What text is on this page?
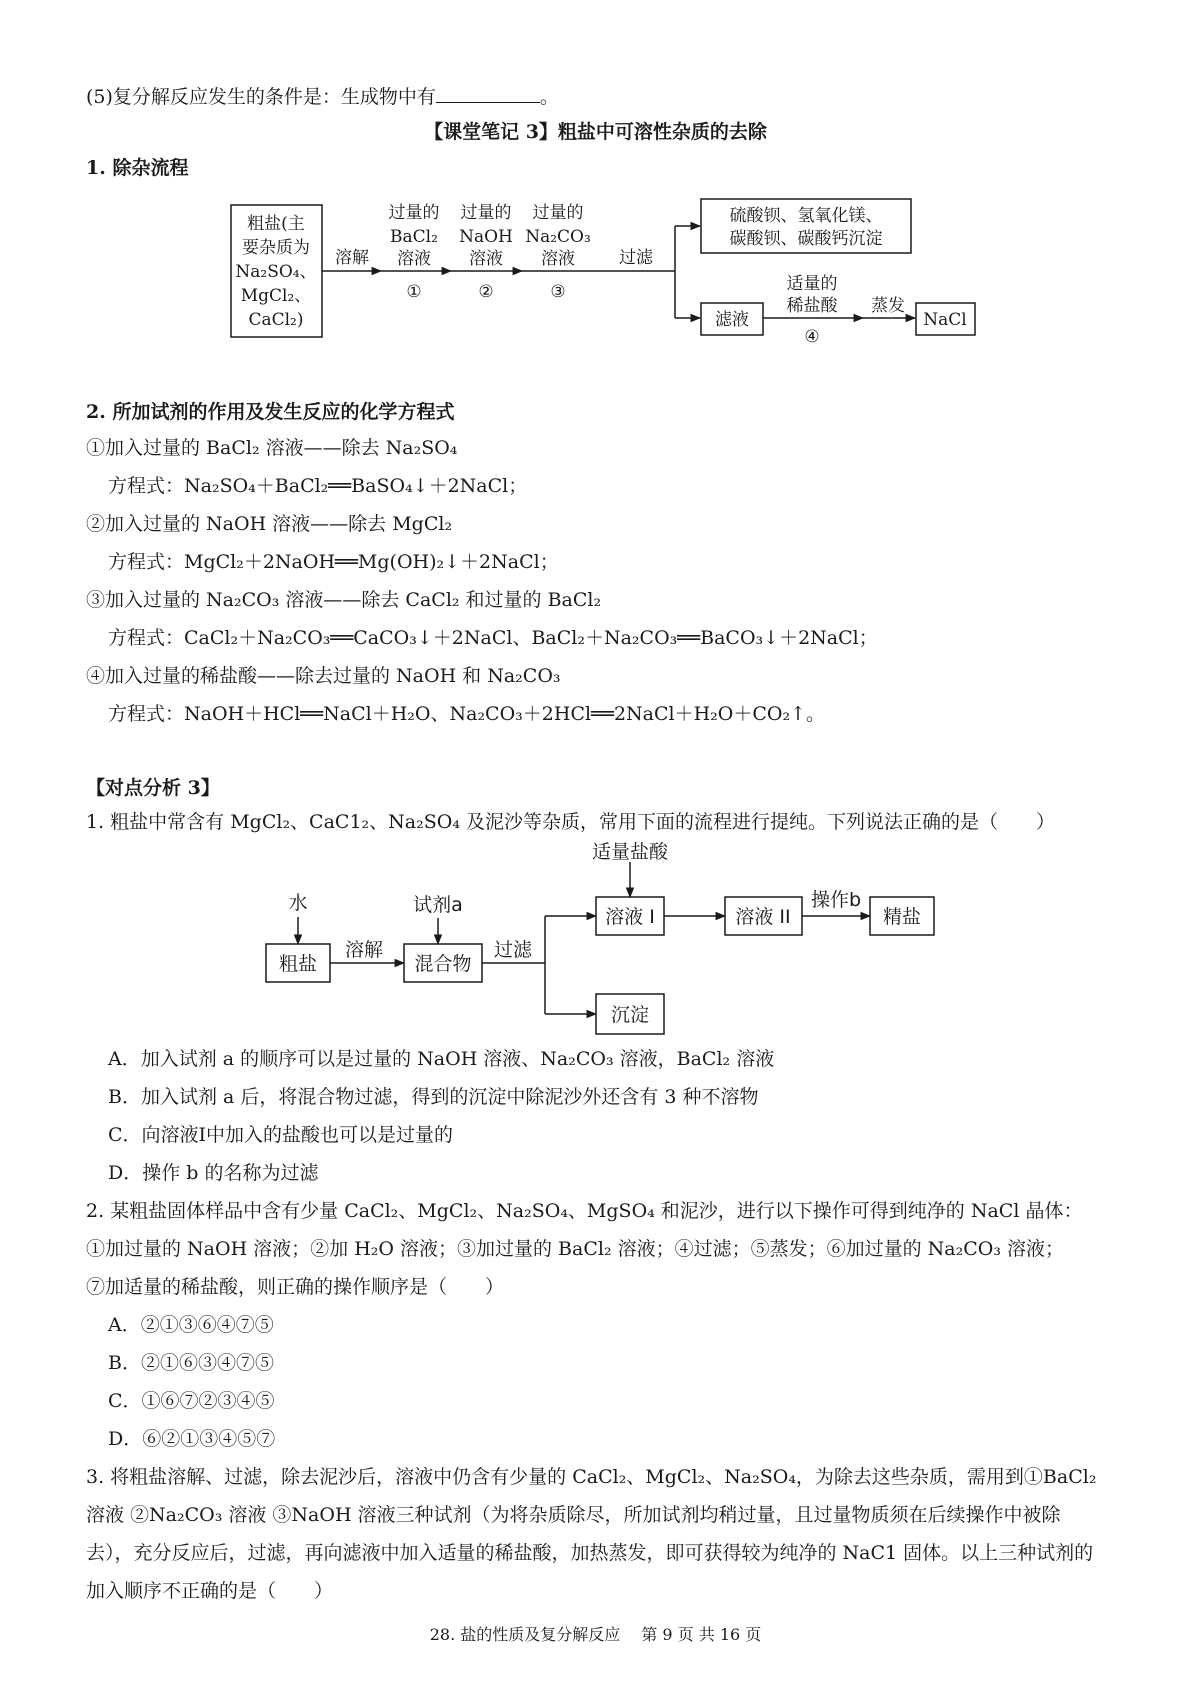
(5)复分解反应发生的条件是：生成物中有	。
【课堂笔记 3】粗盐中可溶性杂质的去除
1. 除杂流程
粗盐(主
要杂质为
Na₂SO₄、
MgCl₂、
CaCl₂)
溶解
过量的
BaCl₂
溶液
①
过量的
NaOH
溶液
②
过量的
Na₂CO₃
溶液
③
过滤
硫酸钡、氢氧化镁、
碳酸钡、碳酸钙沉淀
滤液
适量的
稀盐酸
④
蒸发
NaCl
2. 所加试剂的作用及发生反应的化学方程式
①加入过量的 BaCl₂ 溶液——除去 Na₂SO₄
方程式：Na₂SO₄＋BaCl₂══BaSO₄↓＋2NaCl；
②加入过量的 NaOH 溶液——除去 MgCl₂
方程式：MgCl₂＋2NaOH══Mg(OH)₂↓＋2NaCl；
③加入过量的 Na₂CO₃ 溶液——除去 CaCl₂ 和过量的 BaCl₂
方程式：CaCl₂＋Na₂CO₃══CaCO₃↓＋2NaCl、BaCl₂＋Na₂CO₃══BaCO₃↓＋2NaCl；
④加入过量的稀盐酸——除去过量的 NaOH 和 Na₂CO₃
方程式：NaOH＋HCl══NaCl＋H₂O、Na₂CO₃＋2HCl══2NaCl＋H₂O＋CO₂↑。
【对点分析 3】
1. 粗盐中常含有 MgCl₂、CaC1₂、Na₂SO₄ 及泥沙等杂质，常用下面的流程进行提纯。下列说法正确的是（　　）
水
粗盐
溶解
试剂a
混合物
过滤
适量盐酸
溶液 I	溶液 II
操作b
精盐
沉淀
A．加入试剂 a 的顺序可以是过量的 NaOH 溶液、Na₂CO₃ 溶液，BaCl₂ 溶液
B．加入试剂 a 后，将混合物过滤，得到的沉淀中除泥沙外还含有 3 种不溶物
C．向溶液I中加入的盐酸也可以是过量的
D．操作 b 的名称为过滤
2. 某粗盐固体样品中含有少量 CaCl₂、MgCl₂、Na₂SO₄、MgSO₄ 和泥沙，进行以下操作可得到纯净的 NaCl 晶体：
①加过量的 NaOH 溶液；②加 H₂O 溶液；③加过量的 BaCl₂ 溶液；④过滤；⑤蒸发；⑥加过量的 Na₂CO₃ 溶液；
⑦加适量的稀盐酸，则正确的操作顺序是（　　）
A．②①③⑥④⑦⑤
B．②①⑥③④⑦⑤
C．①⑥⑦②③④⑤
D．⑥②①③④⑤⑦
3. 将粗盐溶解、过滤，除去泥沙后，溶液中仍含有少量的 CaCl₂、MgCl₂、Na₂SO₄，为除去这些杂质，需用到①BaCl₂ 溶液 ②Na₂CO₃ 溶液 ③NaOH 溶液三种试剂（为将杂质除尽，所加试剂均稍过量，且过量物质须在后续操作中被除去），充分反应后，过滤，再向滤液中加入适量的稀盐酸，加热蒸发，即可获得较为纯净的 NaC1 固体。以上三种试剂的加入顺序不正确的是（　　）
28. 盐的性质及复分解反应　 第 9 页 共 16 页
